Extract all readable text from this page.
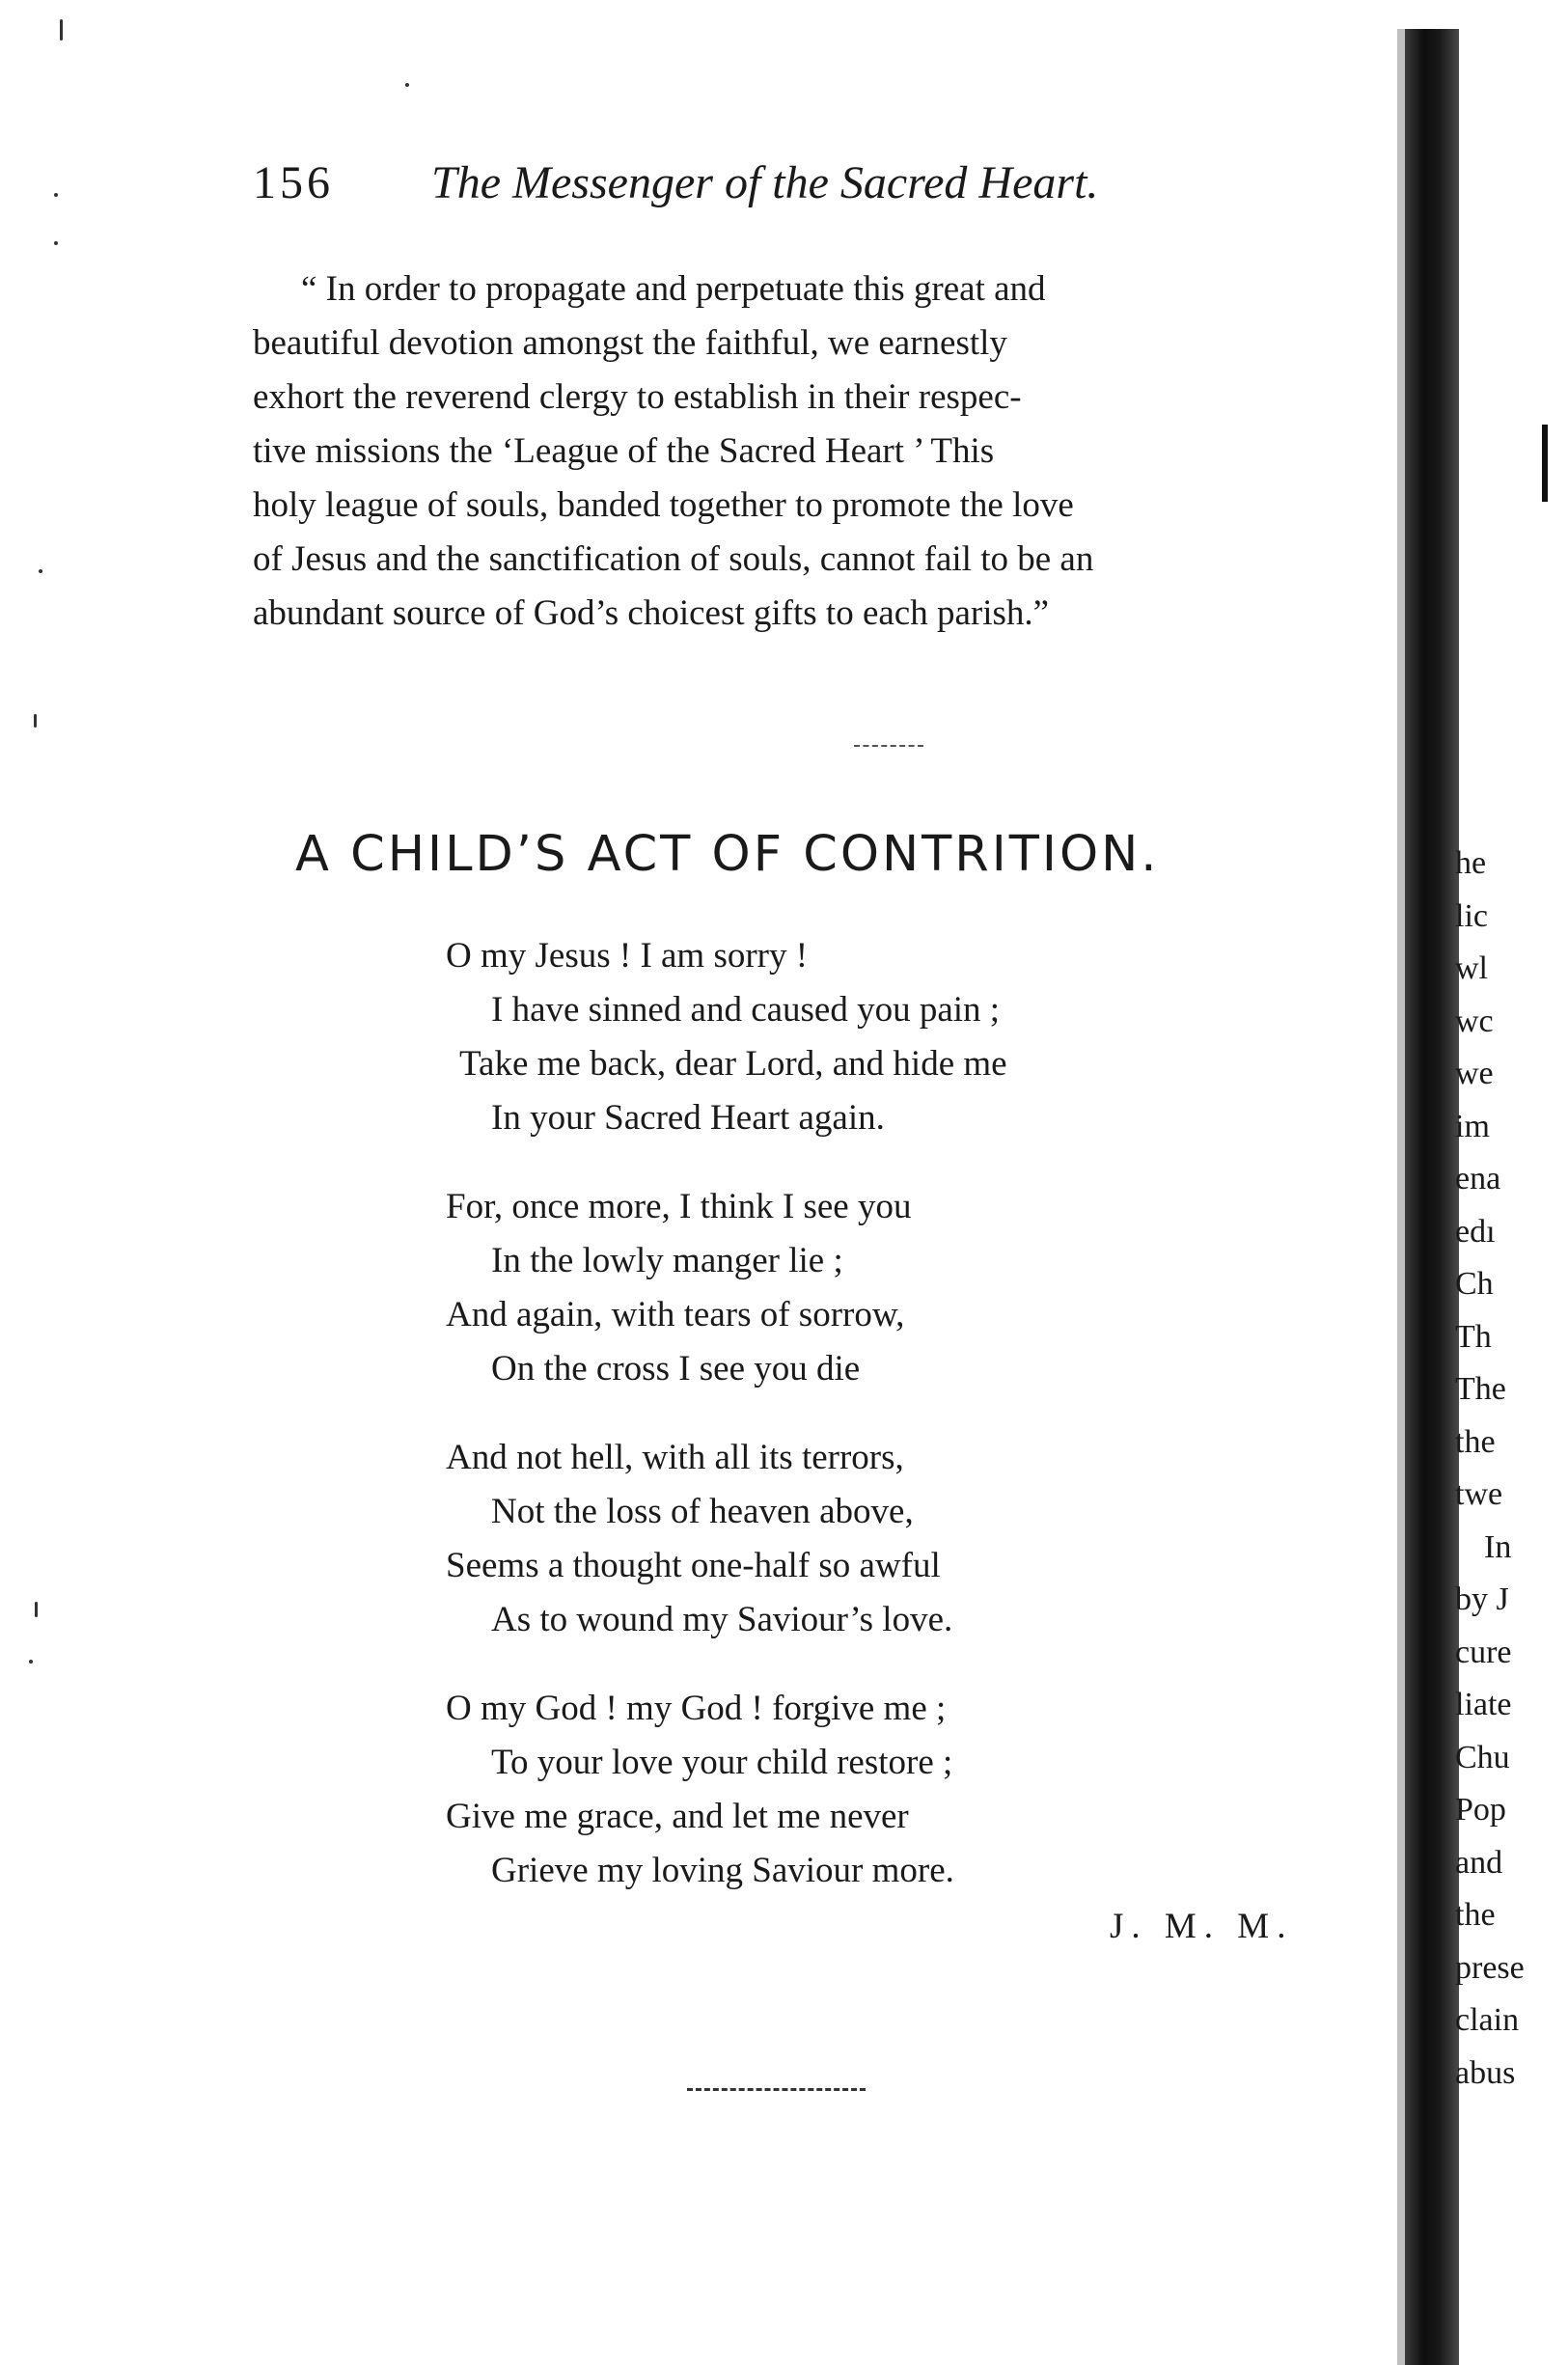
156 The Messenger of the Sacred Heart.
“ In order to propagate and perpetuate this great and
beautiful devotion amongst the faithful, we earnestly
exhort the reverend clergy to establish in their respec-
tive missions the ‘League of the Sacred Heart ’ This
holy league of souls, banded together to promote the love
of Jesus and the sanctification of souls, cannot fail to be an
abundant source of God’s choicest gifts to each parish.”
A CHILD’S ACT OF CONTRITION.
O my Jesus ! I am sorry !
I have sinned and caused you pain ;
Take me back, dear Lord, and hide me
In your Sacred Heart again.
For, once more, I think I see you
In the lowly manger lie ;
And again, with tears of sorrow,
On the cross I see you die
And not hell, with all its terrors,
Not the loss of heaven above,
Seems a thought one-half so awful
As to wound my Saviour’s love.
O my God ! my God ! forgive me ;
To your love your child restore ;
Give me grace, and let me never
Grieve my loving Saviour more.
J. M. M.
he
lic
wl
wc
we
im
ena
edı
Ch
Th
The
the
twe
In
by J
cure
liate
Chu
Pop
and
the
prese
clain
abus
